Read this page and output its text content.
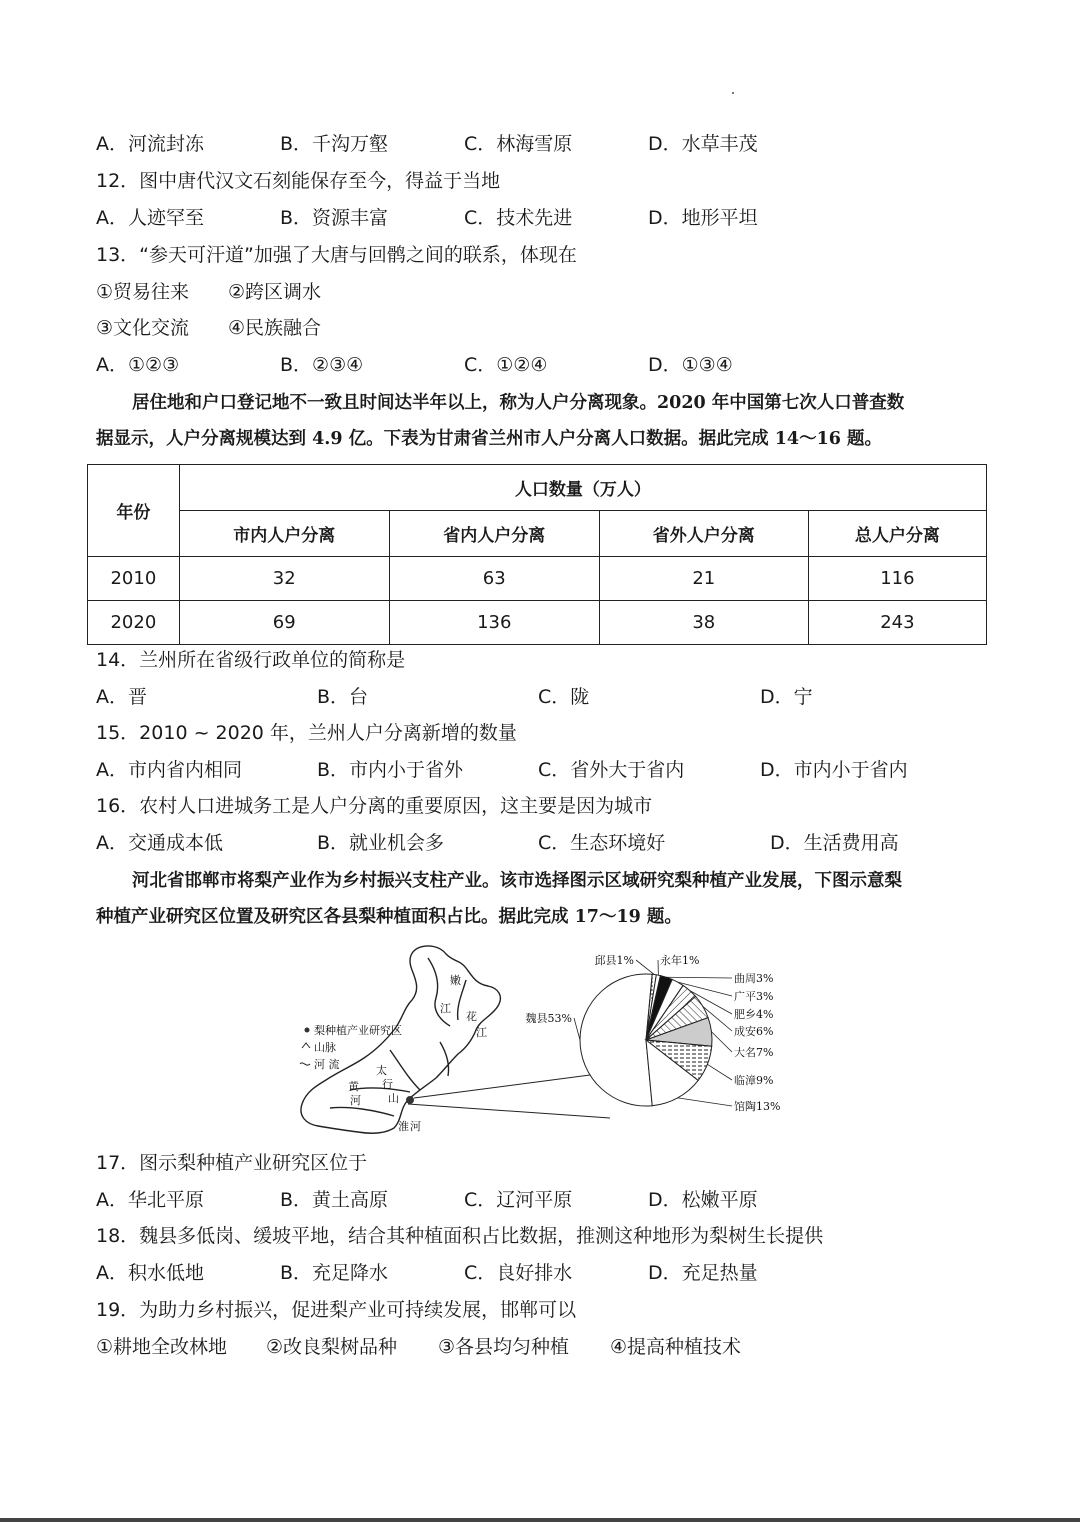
A．河流封冻	B．千沟万壑	C．林海雪原	D．水草丰茂
12．图中唐代汉文石刻能保存至今，得益于当地
A．人迹罕至	B．资源丰富	C．技术先进	D．地形平坦
13．“参天可汗道”加强了大唐与回鹘之间的联系，体现在
①贸易往来 ②跨区调水
③文化交流 ④民族融合
A．①②③	B．②③④	C．①②④	D．①③④
居住地和户口登记地不一致且时间达半年以上，称为人户分离现象。2020 年中国第七次人口普查数
据显示，人户分离规模达到 4.9 亿。下表为甘肃省兰州市人户分离人口数据。据此完成 14～16 题。
年份	人口数量（万人）			
	市内人户分离	省内人户分离	省外人户分离	总人户分离
2010	32	63	21	116
2020	69	136	38	243
14．兰州所在省级行政单位的简称是
A．晋	B．台	C．陇	D．宁
15．2010 ~ 2020 年，兰州人户分离新增的数量
A．市内省内相同	B．市内小于省外	C．省外大于省内	D．市内小于省内
16．农村人口进城务工是人户分离的重要原因，这主要是因为城市
A．交通成本低	B．就业机会多	C．生态环境好	D．生活费用高
河北省邯郸市将梨产业作为乡村振兴支柱产业。该市选择图示区域研究梨种植产业发展，下图示意梨
种植产业研究区位置及研究区各县梨种植面积占比。据此完成 17～19 题。
嫩
江
花
江
太
行
山
黄
河
淮 河
梨种植产业研究区
山脉
河 流
魏县53%
邱县1% 永年1%
曲周3%
广平3%
肥乡4%
成安6%
大名7%
临漳9%
馆陶13%
17．图示梨种植产业研究区位于
A．华北平原	B．黄土高原	C．辽河平原	D．松嫩平原
18．魏县多低岗、缓坡平地，结合其种植面积占比数据，推测这种地形为梨树生长提供
A．积水低地	B．充足降水	C．良好排水	D．充足热量
19．为助力乡村振兴，促进梨产业可持续发展，邯郸可以
①耕地全改林地 ②改良梨树品种 ③各县均匀种植 ④提高种植技术
